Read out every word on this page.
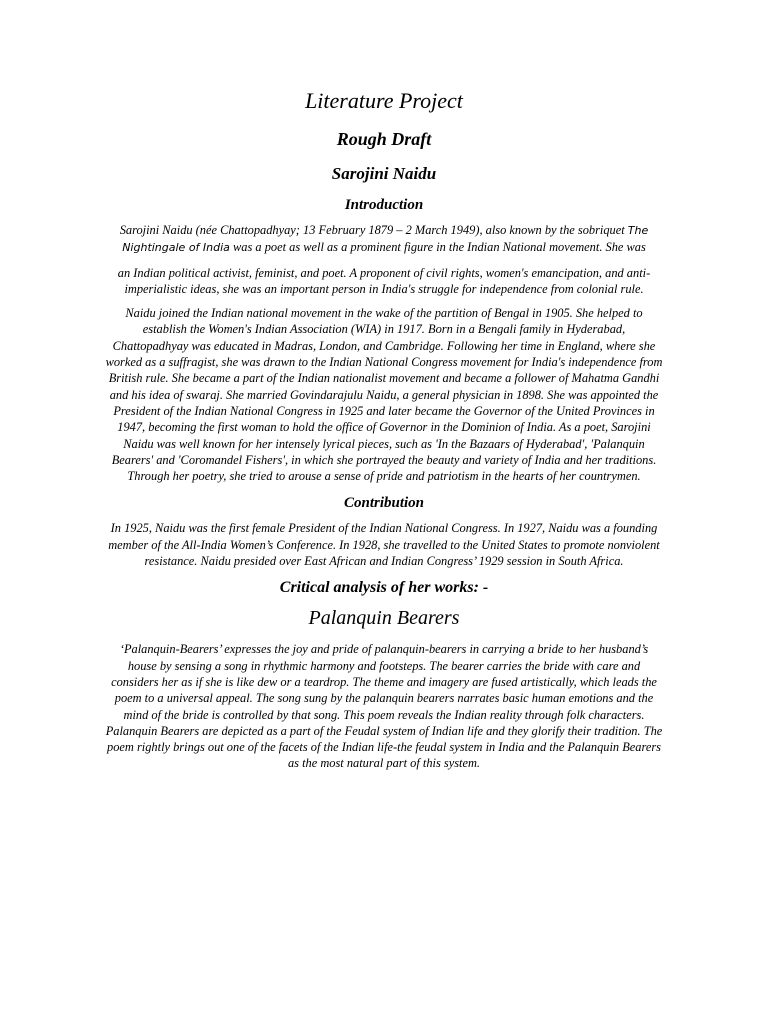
Literature Project
Rough Draft
Sarojini Naidu
Introduction

Sarojini Naidu (née Chattopadhyay; 13 February 1879 – 2 March 1949), also known by the sobriquet The Nightingale of India was a poet as well as a prominent figure in the Indian National movement. She was

an Indian political activist, feminist, and poet. A proponent of civil rights, women's emancipation, and anti-imperialistic ideas, she was an important person in India's struggle for independence from colonial rule.

Naidu joined the Indian national movement in the wake of the partition of Bengal in 1905. She helped to establish the Women's Indian Association (WIA) in 1917. Born in a Bengali family in Hyderabad, Chattopadhyay was educated in Madras, London, and Cambridge. Following her time in England, where she worked as a suffragist, she was drawn to the Indian National Congress movement for India's independence from British rule. She became a part of the Indian nationalist movement and became a follower of Mahatma Gandhi and his idea of swaraj. She married Govindarajulu Naidu, a general physician in 1898. She was appointed the President of the Indian National Congress in 1925 and later became the Governor of the United Provinces in 1947, becoming the first woman to hold the office of Governor in the Dominion of India. As a poet, Sarojini Naidu was well known for her intensely lyrical pieces, such as 'In the Bazaars of Hyderabad', 'Palanquin Bearers' and 'Coromandel Fishers', in which she portrayed the beauty and variety of India and her traditions. Through her poetry, she tried to arouse a sense of pride and patriotism in the hearts of her countrymen.

Contribution

In 1925, Naidu was the first female President of the Indian National Congress. In 1927, Naidu was a founding member of the All-India Women’s Conference. In 1928, she travelled to the United States to promote nonviolent resistance. Naidu presided over East African and Indian Congress’ 1929 session in South Africa.

Critical analysis of her works: -
Palanquin Bearers

‘Palanquin-Bearers’ expresses the joy and pride of palanquin-bearers in carrying a bride to her husband’s house by sensing a song in rhythmic harmony and footsteps. The bearer carries the bride with care and considers her as if she is like dew or a teardrop. The theme and imagery are fused artistically, which leads the poem to a universal appeal. The song sung by the palanquin bearers narrates basic human emotions and the mind of the bride is controlled by that song. This poem reveals the Indian reality through folk characters. Palanquin Bearers are depicted as a part of the Feudal system of Indian life and they glorify their tradition. The poem rightly brings out one of the facets of the Indian life-the feudal system in India and the Palanquin Bearers as the most natural part of this system.
